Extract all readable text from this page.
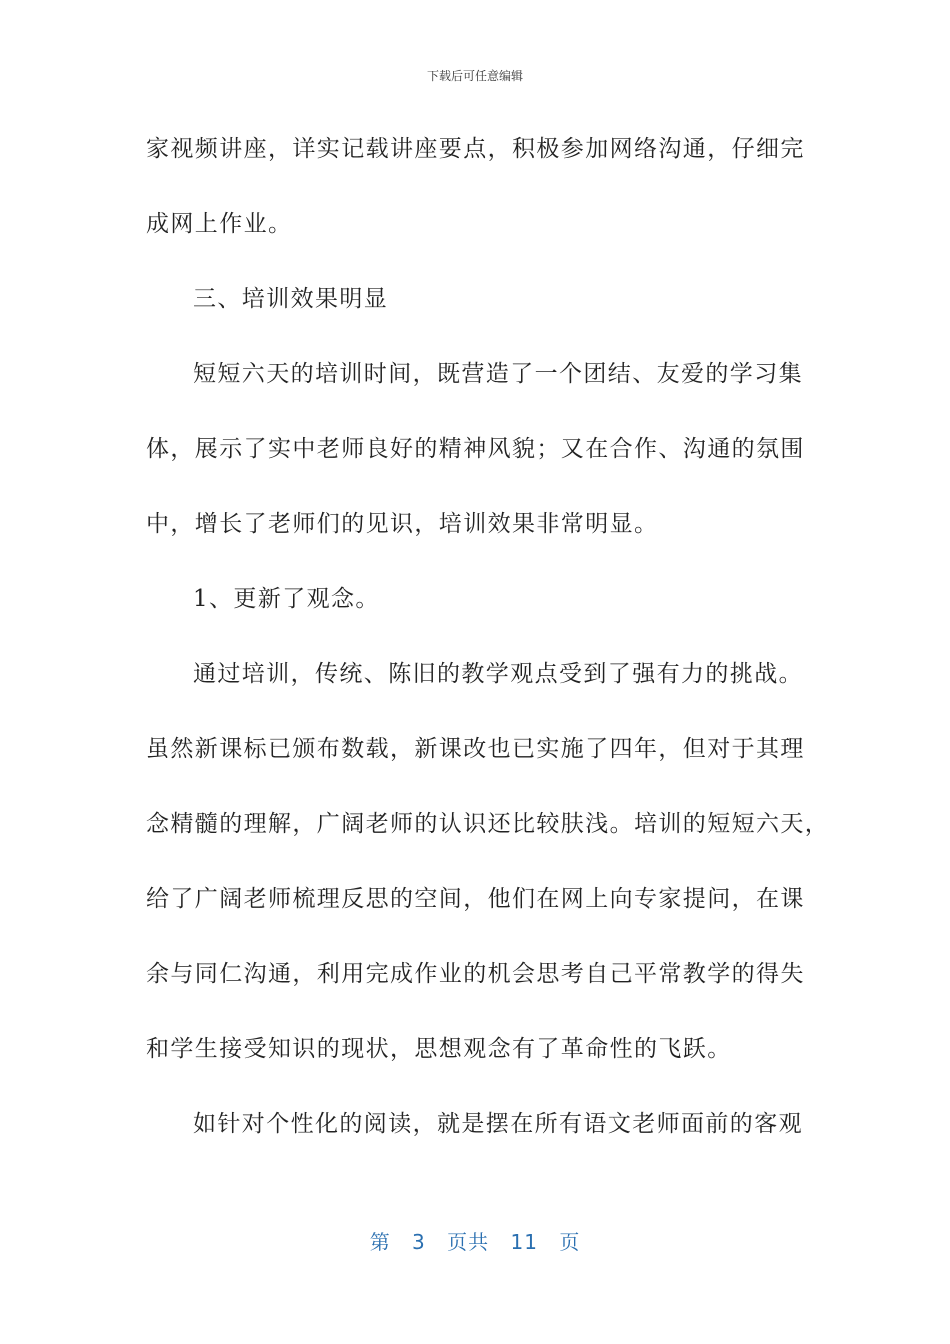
下载后可任意编辑
家视频讲座，详实记载讲座要点，积极参加网络沟通，仔细完
成网上作业。
三、培训效果明显
短短六天的培训时间，既营造了一个团结、友爱的学习集
体，展示了实中老师良好的精神风貌；又在合作、沟通的氛围
中，增长了老师们的见识，培训效果非常明显。
1、更新了观念。
通过培训，传统、陈旧的教学观点受到了强有力的挑战。
虽然新课标已颁布数载，新课改也已实施了四年，但对于其理
念精髓的理解，广阔老师的认识还比较肤浅。培训的短短六天，
给了广阔老师梳理反思的空间，他们在网上向专家提问，在课
余与同仁沟通，利用完成作业的机会思考自己平常教学的得失
和学生接受知识的现状，思想观念有了革命性的飞跃。
如针对个性化的阅读，就是摆在所有语文老师面前的客观
第 3 页共 11 页
